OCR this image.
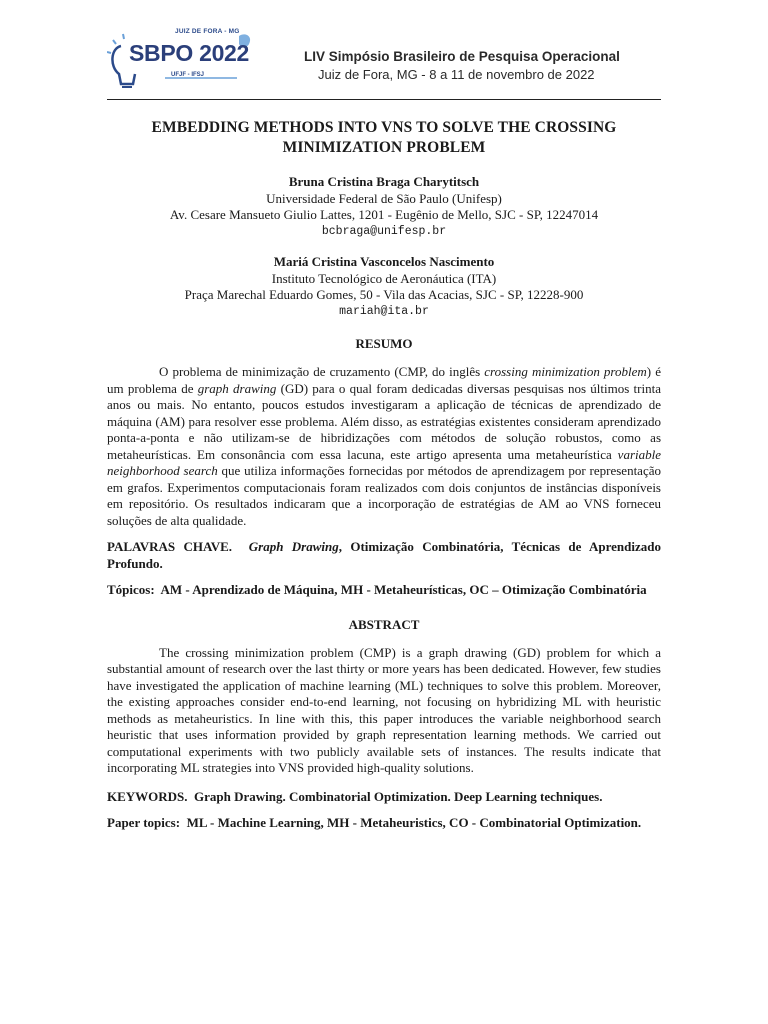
JUIZ DE FORA - MG
SBPO 2022
UFJF - IFSJ
LIV Simpósio Brasileiro de Pesquisa Operacional
Juiz de Fora, MG - 8 a 11 de novembro de 2022
EMBEDDING METHODS INTO VNS TO SOLVE THE CROSSING
MINIMIZATION PROBLEM
Bruna Cristina Braga Charytitsch
Universidade Federal de São Paulo (Unifesp)
Av. Cesare Mansueto Giulio Lattes, 1201 - Eugênio de Mello, SJC - SP, 12247014
bcbraga@unifesp.br
Mariá Cristina Vasconcelos Nascimento
Instituto Tecnológico de Aeronáutica (ITA)
Praça Marechal Eduardo Gomes, 50 - Vila das Acacias, SJC - SP, 12228-900
mariah@ita.br
RESUMO

O problema de minimização de cruzamento (CMP, do inglês crossing minimization problem) é um problema de graph drawing (GD) para o qual foram dedicadas diversas pesquisas nos últimos trinta anos ou mais. No entanto, poucos estudos investigaram a aplicação de técnicas de aprendizado de máquina (AM) para resolver esse problema. Além disso, as estratégias existentes consideram aprendizado ponta-a-ponta e não utilizam-se de hibridizações com métodos de solução robustos, como as metaheurísticas. Em consonância com essa lacuna, este artigo apresenta uma metaheurística variable neighborhood search que utiliza informações fornecidas por métodos de aprendizagem por representação em grafos. Experimentos computacionais foram realizados com dois conjuntos de instâncias disponíveis em repositório. Os resultados indicaram que a incorporação de estratégias de AM ao VNS forneceu soluções de alta qualidade.

PALAVRAS CHAVE. Graph Drawing, Otimização Combinatória, Técnicas de Aprendizado Profundo.

Tópicos: AM - Aprendizado de Máquina, MH - Metaheurísticas, OC – Otimização Combinatória

ABSTRACT

The crossing minimization problem (CMP) is a graph drawing (GD) problem for which a substantial amount of research over the last thirty or more years has been dedicated. However, few studies have investigated the application of machine learning (ML) techniques to solve this problem. Moreover, the existing approaches consider end-to-end learning, not focusing on hybridizing ML with heuristic methods as metaheuristics. In line with this, this paper introduces the variable neighborhood search heuristic that uses information provided by graph representation learning methods. We carried out computational experiments with two publicly available sets of instances. The results indicate that incorporating ML strategies into VNS provided high-quality solutions.

KEYWORDS. Graph Drawing. Combinatorial Optimization. Deep Learning techniques.

Paper topics: ML - Machine Learning, MH - Metaheuristics, CO - Combinatorial Optimization.
